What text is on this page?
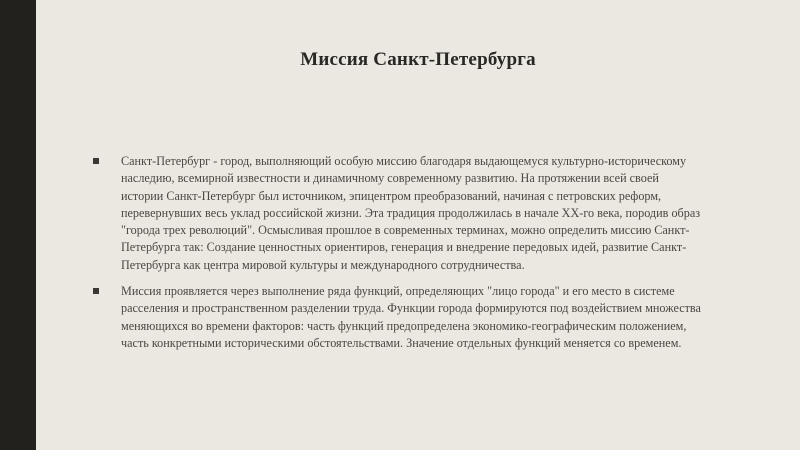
Миссия Санкт-Петербурга
Санкт-Петербург - город, выполняющий особую миссию благодаря выдающемуся культурно-историческому наследию, всемирной известности и динамичному современному развитию. На протяжении всей своей истории Санкт-Петербург был источником, эпицентром преобразований, начиная с петровских реформ, перевернувших весь уклад российской жизни. Эта традиция продолжилась в начале XX-го века, породив образ "города трех революций". Осмысливая прошлое в современных терминах, можно определить миссию Санкт-Петербурга так: Создание ценностных ориентиров, генерация и внедрение передовых идей, развитие Санкт-Петербурга как центра мировой культуры и международного сотрудничества.
Миссия проявляется через выполнение ряда функций, определяющих "лицо города" и его место в системе расселения и пространственном разделении труда. Функции города формируются под воздействием множества меняющихся во времени факторов: часть функций предопределена экономико-географическим положением, часть конкретными историческими обстоятельствами. Значение отдельных функций меняется со временем.
